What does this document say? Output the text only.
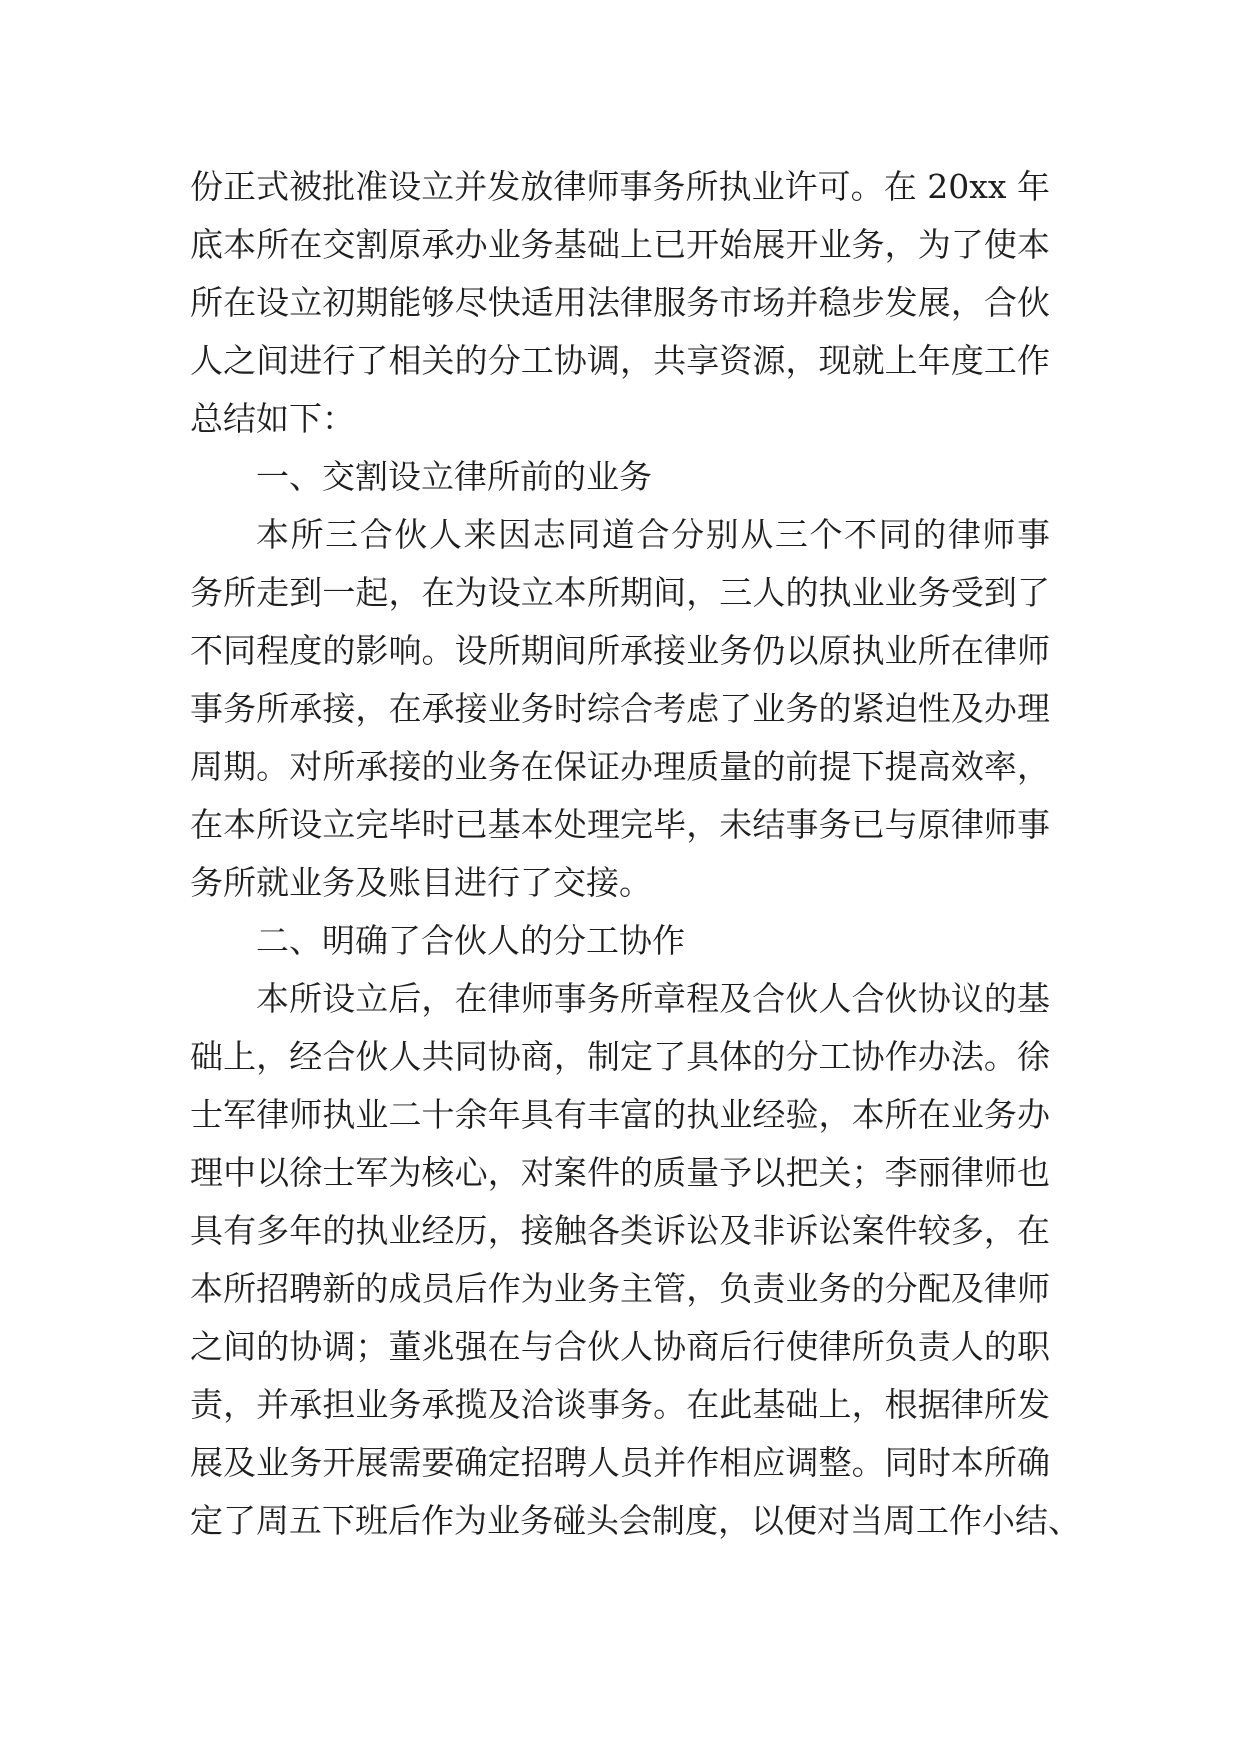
份正式被批准设立并发放律师事务所执业许可。在 20xx 年
底本所在交割原承办业务基础上已开始展开业务，为了使本
所在设立初期能够尽快适用法律服务市场并稳步发展，合伙
人之间进行了相关的分工协调，共享资源，现就上年度工作
总结如下：
一、交割设立律所前的业务
本所三合伙人来因志同道合分别从三个不同的律师事
务所走到一起，在为设立本所期间，三人的执业业务受到了
不同程度的影响。设所期间所承接业务仍以原执业所在律师
事务所承接，在承接业务时综合考虑了业务的紧迫性及办理
周期。对所承接的业务在保证办理质量的前提下提高效率，
在本所设立完毕时已基本处理完毕，未结事务已与原律师事
务所就业务及账目进行了交接。
二、明确了合伙人的分工协作
本所设立后，在律师事务所章程及合伙人合伙协议的基
础上，经合伙人共同协商，制定了具体的分工协作办法。徐
士军律师执业二十余年具有丰富的执业经验，本所在业务办
理中以徐士军为核心，对案件的质量予以把关；李丽律师也
具有多年的执业经历，接触各类诉讼及非诉讼案件较多，在
本所招聘新的成员后作为业务主管，负责业务的分配及律师
之间的协调；董兆强在与合伙人协商后行使律所负责人的职
责，并承担业务承揽及洽谈事务。在此基础上，根据律所发
展及业务开展需要确定招聘人员并作相应调整。同时本所确
定了周五下班后作为业务碰头会制度，以便对当周工作小结、
